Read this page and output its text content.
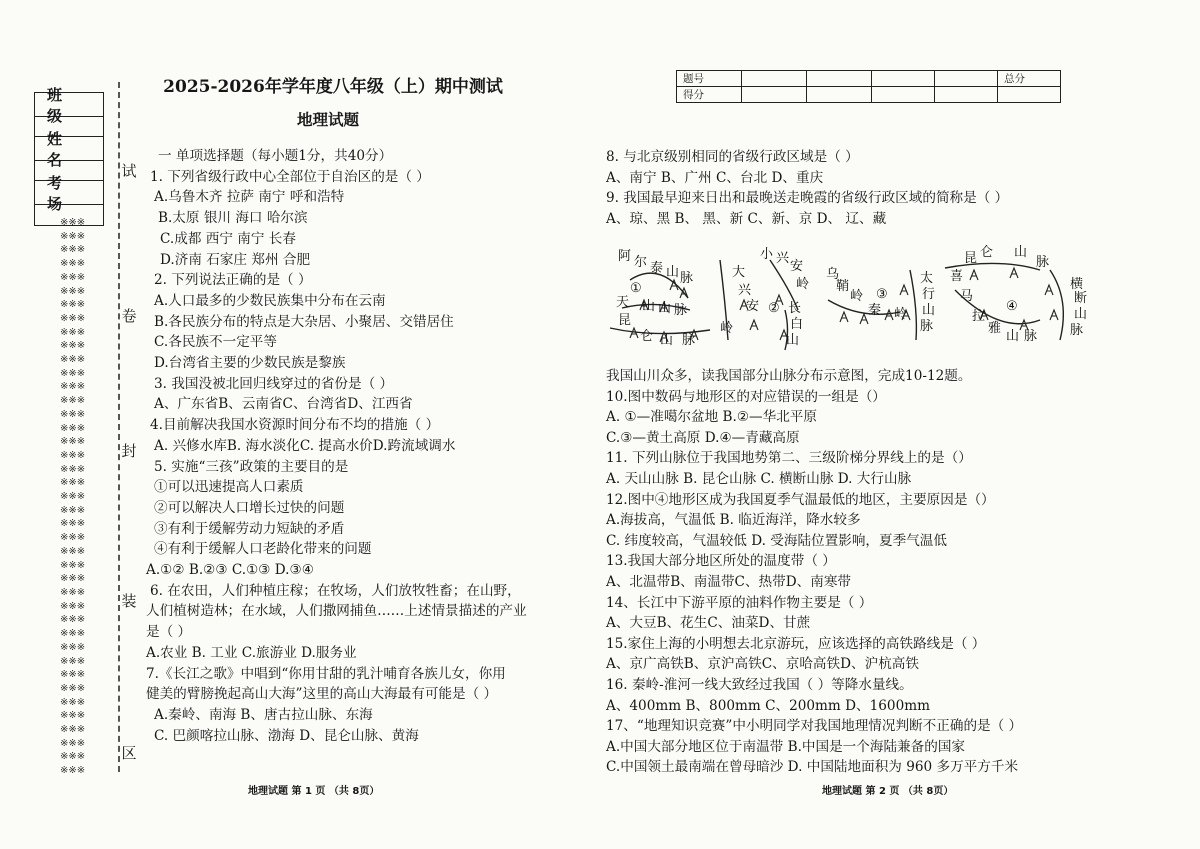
班 级
姓 名
考 场
※※※
※※※
※※※
※※※
※※※
※※※
※※※
※※※
※※※
※※※
※※※
※※※
※※※
※※※
※※※
※※※
※※※
※※※
※※※
※※※
※※※
※※※
※※※
※※※
※※※
※※※
※※※
※※※
※※※
※※※
※※※
※※※
※※※
※※※
※※※
※※※
※※※
※※※
※※※
※※※
※※※
试
卷
封
装
区
2025-2026年学年度八年级（上）期中测试
地理试题
题号					总分
得分					
一 单项选择题（每小题1分，共40分）
1. 下列省级行政中心全部位于自治区的是（ ）
A.乌鲁木齐 拉萨 南宁 呼和浩特
B.太原 银川 海口 哈尔滨
C.成都 西宁 南宁 长春
D.济南 石家庄 郑州 合肥
2. 下列说法正确的是（ ）
A.人口最多的少数民族集中分布在云南
B.各民族分布的特点是大杂居、小聚居、交错居住
C.各民族不一定平等
D.台湾省主要的少数民族是黎族
3. 我国没被北回归线穿过的省份是（ ）
A、广东省B、云南省C、台湾省D、江西省
4.目前解决我国水资源时间分布不均的措施（ ）
A. 兴修水库B. 海水淡化C. 提高水价D.跨流域调水
5. 实施“三孩”政策的主要目的是
①可以迅速提高人口素质
②可以解决人口增长过快的问题
③有利于缓解劳动力短缺的矛盾
④有利于缓解人口老龄化带来的问题
A.①② B.②③ C.①③ D.③④
6. 在农田，人们种植庄稼；在牧场，人们放牧牲畜；在山野，
人们植树造林；在水域，人们撒网捕鱼……上述情景描述的产业
是（ ）
A.农业 B. 工业 C.旅游业 D.服务业
7.《长江之歌》中唱到“你用甘甜的乳汁哺育各族儿女，你用
健美的臂膀挽起高山大海”这里的高山大海最有可能是（ ）
A.秦岭、南海 B、唐古拉山脉、东海
C. 巴颜喀拉山脉、渤海 D、昆仑山脉、黄海
8. 与北京级别相同的省级行政区域是（ ）
A、南宁 B、广州 C、台北 D、重庆
9. 我国最早迎来日出和最晚送走晚霞的省级行政区域的简称是（ ）
A、琼、黑 B、 黑、新 C、新、京 D、 辽、藏
阿 尔 泰 山 脉
天 山 山 脉
昆
仑 山 脉
大
兴
安
岭
小 兴
安
岭
长
白
山
乌
鞘
岭
秦 岭
太
行
山
脉
昆 仑 山
脉
喜
马
拉
雅
山 脉
横
断
山
脉
①
②
③
④
我国山川众多，读我国部分山脉分布示意图，完成10-12题。
10.图中数码与地形区的对应错误的一组是（）
A. ①—准噶尔盆地 B.②—华北平原
C.③—黄土高原 D.④—青藏高原
11. 下列山脉位于我国地势第二、三级阶梯分界线上的是（）
A. 天山山脉 B. 昆仑山脉 C. 横断山脉 D. 大行山脉
12.图中④地形区成为我国夏季气温最低的地区，主要原因是（）
A.海拔高，气温低 B. 临近海洋，降水较多
C. 纬度较高，气温较低 D. 受海陆位置影响，夏季气温低
13.我国大部分地区所处的温度带（ ）
A、北温带B、南温带C、热带D、南寒带
14、长江中下游平原的油料作物主要是（ ）
A、大豆B、花生C、油菜D、甘蔗
15.家住上海的小明想去北京游玩，应该选择的高铁路线是（ ）
A、京广高铁B、京沪高铁C、京哈高铁D、沪杭高铁
16. 秦岭-淮河一线大致经过我国（ ）等降水量线。
A、400mm B、800mm C、200mm D、1600mm
17、“地理知识竞赛”中小明同学对我国地理情况判断不正确的是（ ）
A.中国大部分地区位于南温带 B.中国是一个海陆兼备的国家
C.中国领土最南端在曾母暗沙 D. 中国陆地面积为 960 多万平方千米
地理试题 第 1 页 （共 8页）	地理试题 第 2 页 （共 8页）
